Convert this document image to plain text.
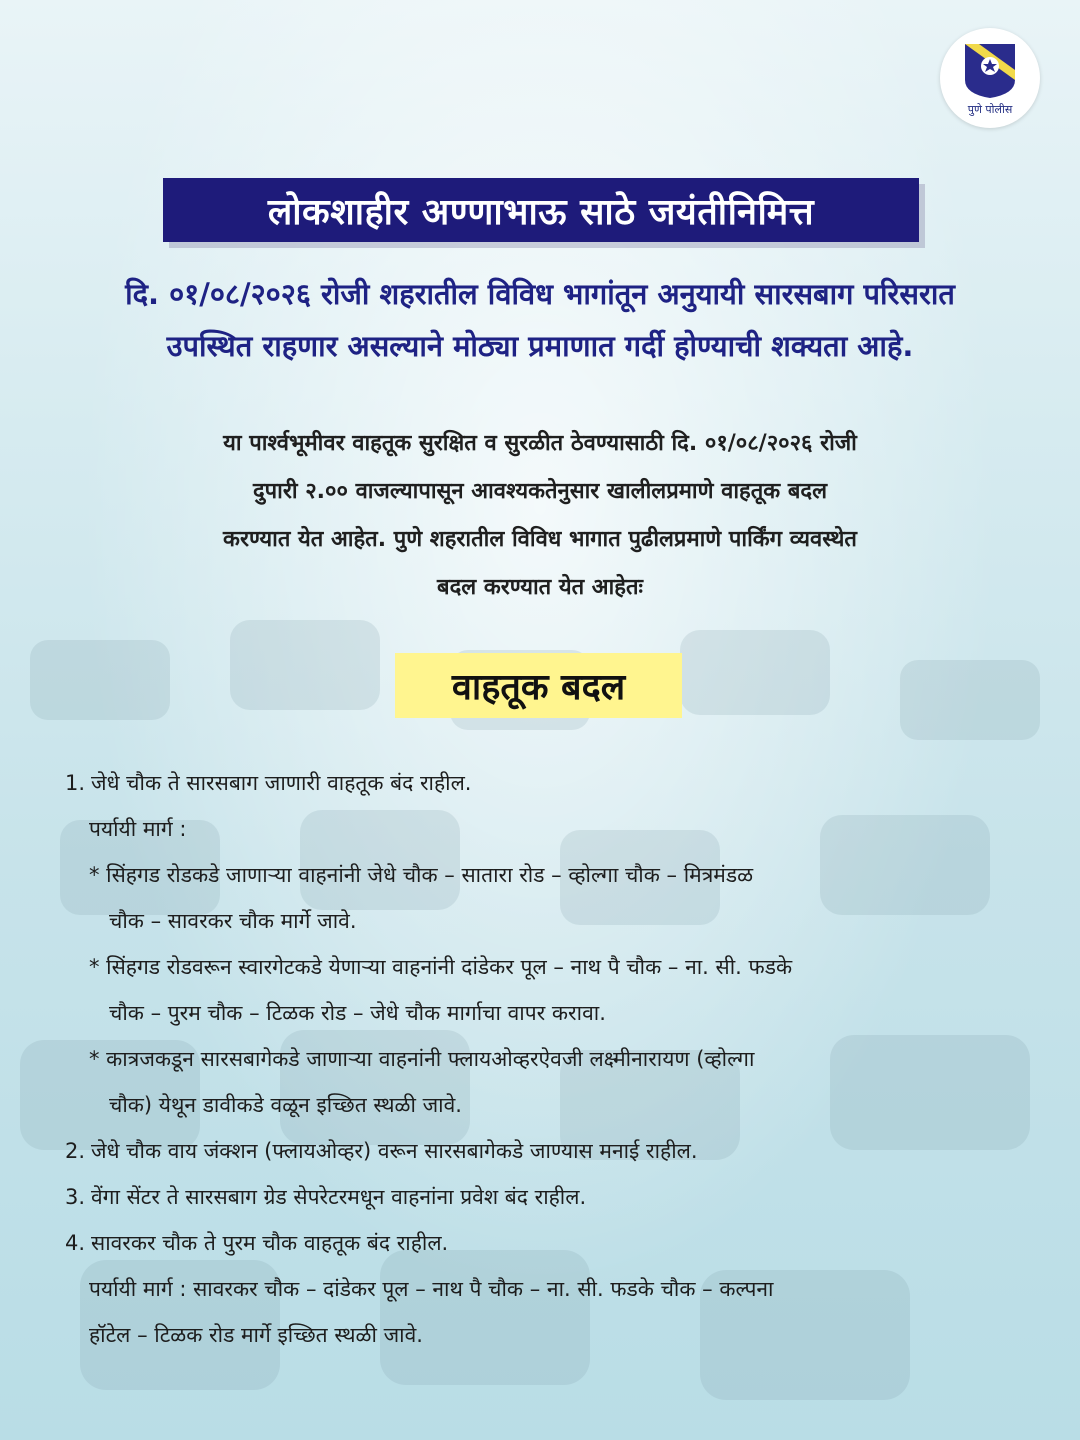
पुणे पोलीस
लोकशाहीर अण्णाभाऊ साठे जयंतीनिमित्त
दि. ०१/०८/२०२६ रोजी शहरातील विविध भागांतून अनुयायी सारसबाग परिसरात
उपस्थित राहणार असल्याने मोठ्या प्रमाणात गर्दी होण्याची शक्यता आहे.
या पार्श्वभूमीवर वाहतूक सुरक्षित व सुरळीत ठेवण्यासाठी दि. ०१/०८/२०२६ रोजी
दुपारी २.०० वाजल्यापासून आवश्यकतेनुसार खालीलप्रमाणे वाहतूक बदल
करण्यात येत आहेत. पुणे शहरातील विविध भागात पुढीलप्रमाणे पार्किंग व्यवस्थेत
बदल करण्यात येत आहेतः
वाहतूक बदल
1. जेधे चौक ते सारसबाग जाणारी वाहतूक बंद राहील.
पर्यायी मार्ग :
* सिंहगड रोडकडे जाणाऱ्या वाहनांनी जेधे चौक – सातारा रोड – व्होल्गा चौक – मित्रमंडळ
चौक – सावरकर चौक मार्गे जावे.
* सिंहगड रोडवरून स्वारगेटकडे येणाऱ्या वाहनांनी दांडेकर पूल – नाथ पै चौक – ना. सी. फडके
चौक – पुरम चौक – टिळक रोड – जेधे चौक मार्गाचा वापर करावा.
* कात्रजकडून सारसबागेकडे जाणाऱ्या वाहनांनी फ्लायओव्हरऐवजी लक्ष्मीनारायण (व्होल्गा
चौक) येथून डावीकडे वळून इच्छित स्थळी जावे.
2. जेधे चौक वाय जंक्शन (फ्लायओव्हर) वरून सारसबागेकडे जाण्यास मनाई राहील.
3. वेंगा सेंटर ते सारसबाग ग्रेड सेपरेटरमधून वाहनांना प्रवेश बंद राहील.
4. सावरकर चौक ते पुरम चौक वाहतूक बंद राहील.
पर्यायी मार्ग : सावरकर चौक – दांडेकर पूल – नाथ पै चौक – ना. सी. फडके चौक – कल्पना
हॉटेल – टिळक रोड मार्गे इच्छित स्थळी जावे.
